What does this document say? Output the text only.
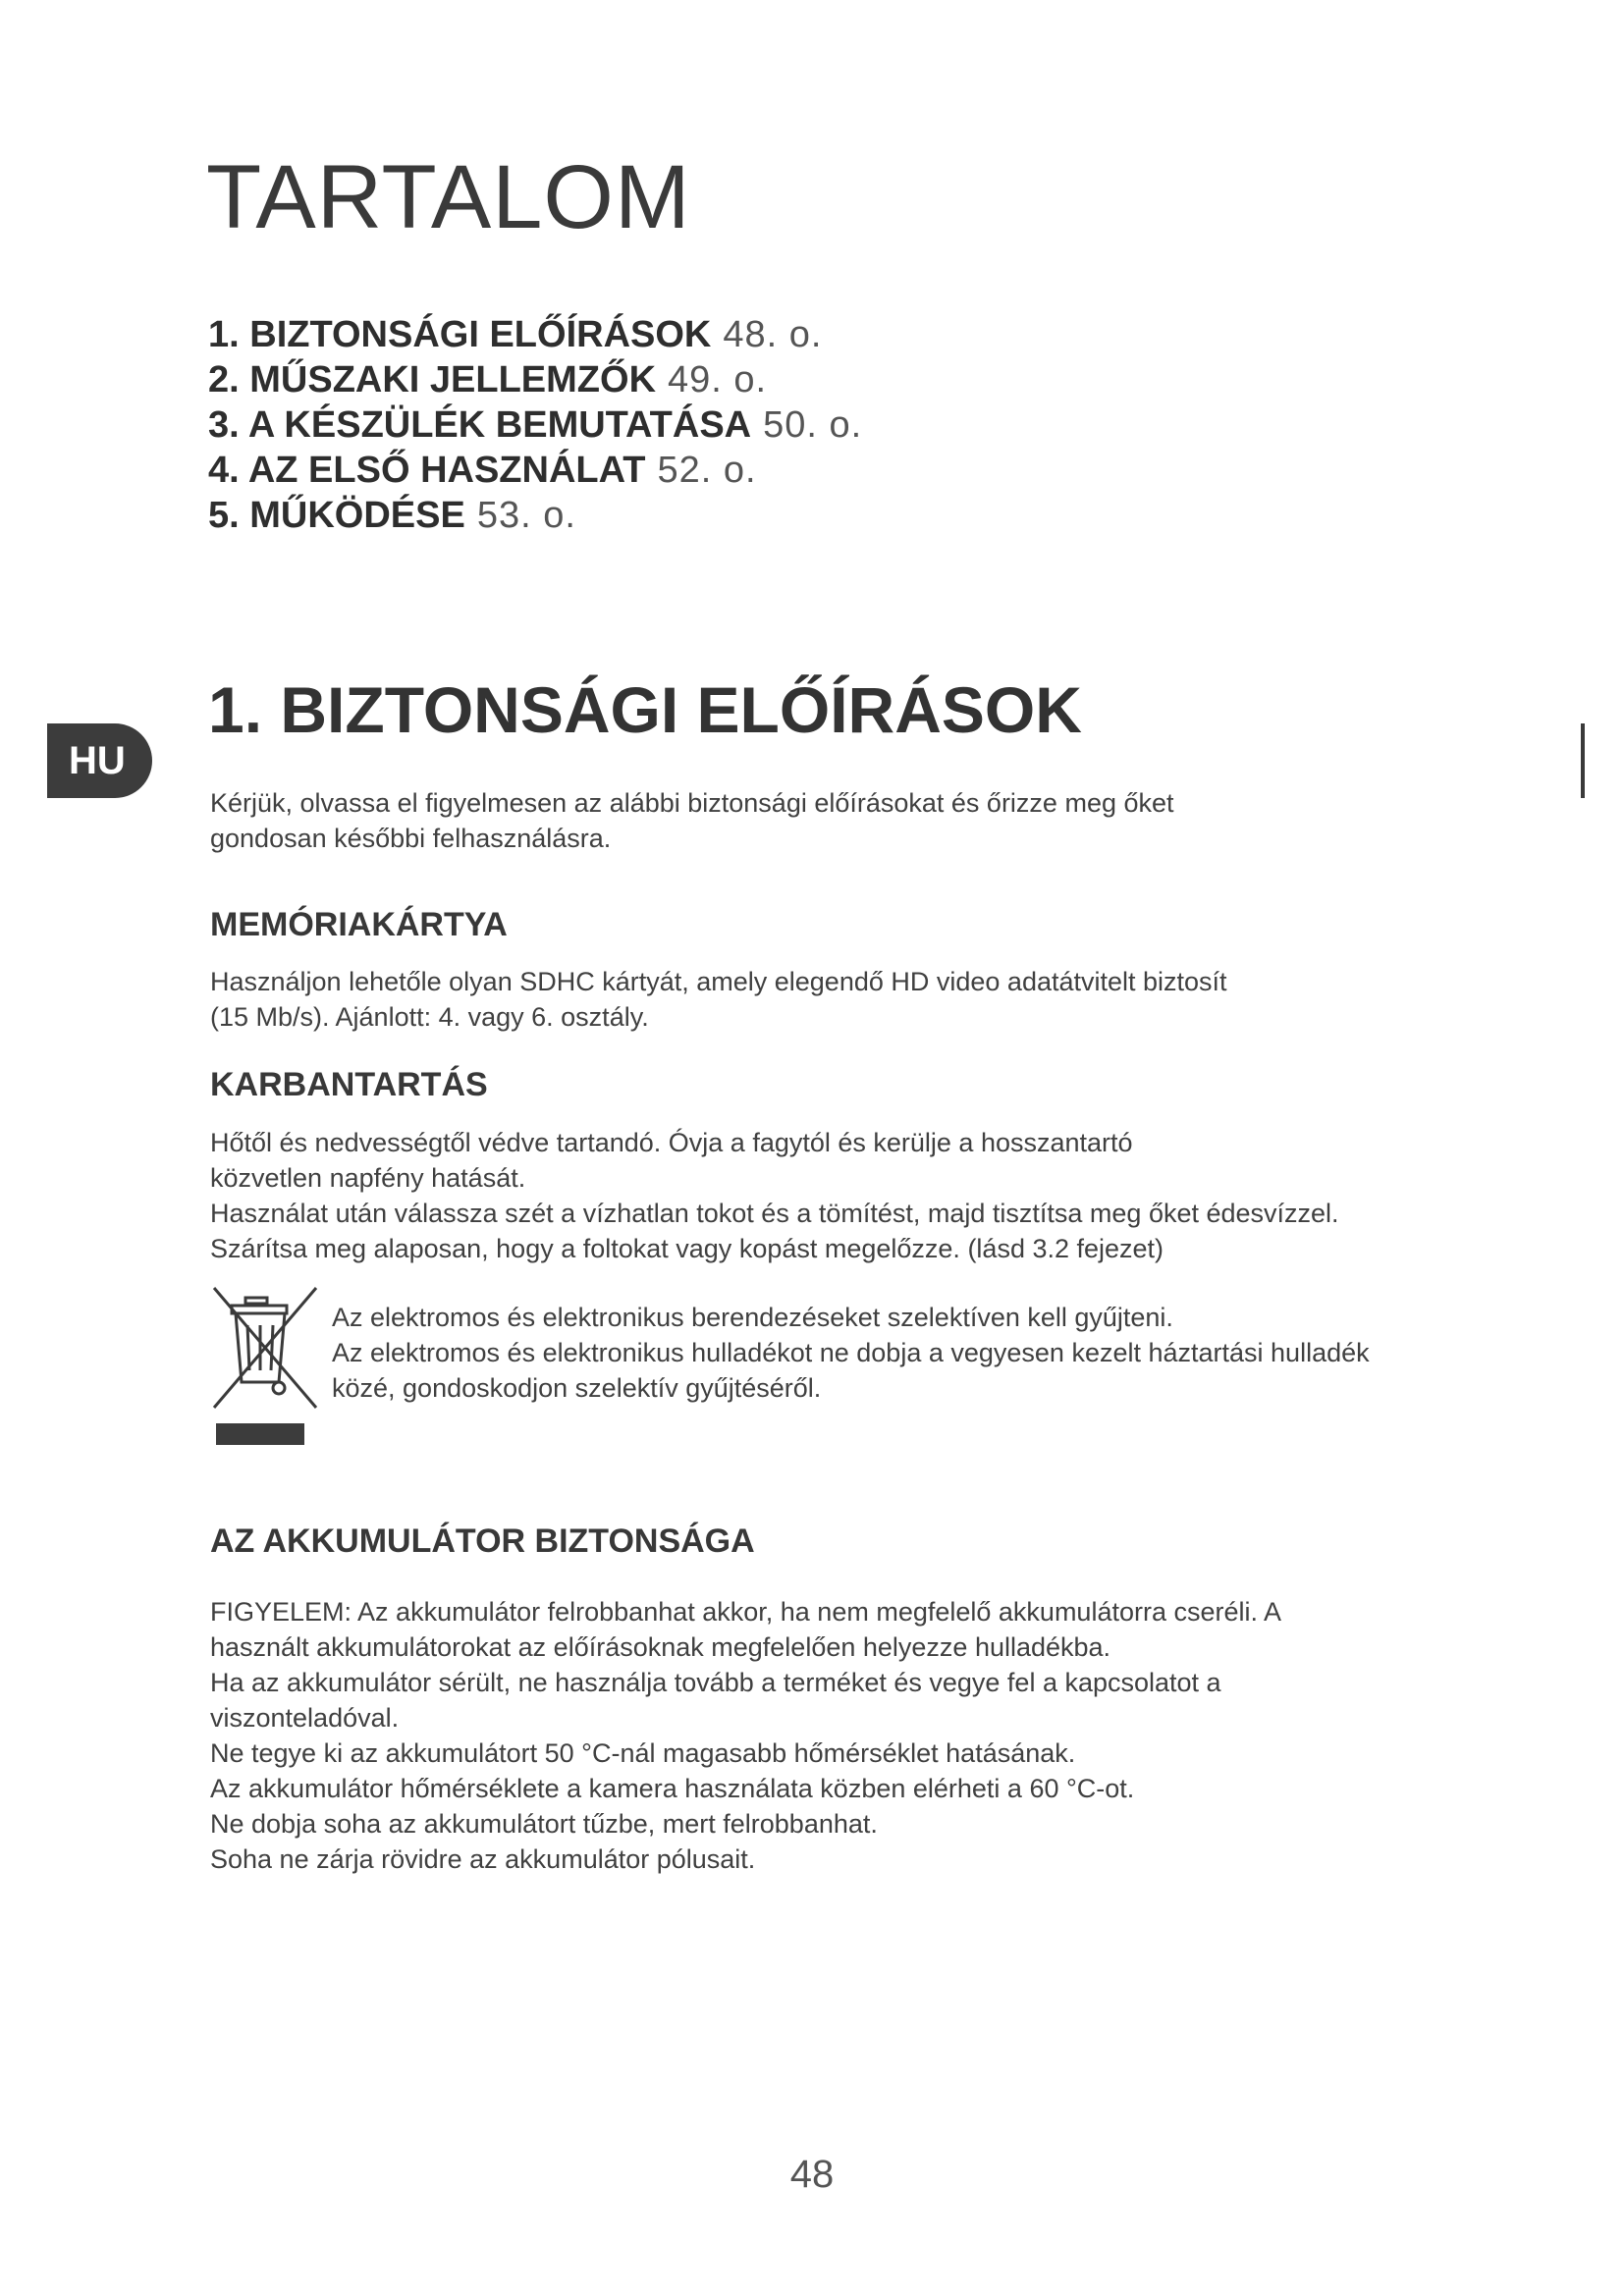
TARTALOM
1. BIZTONSÁGI ELŐÍRÁSOK 48. o.
2. MŰSZAKI JELLEMZŐK 49. o.
3. A KÉSZÜLÉK BEMUTATÁSA 50. o.
4. AZ ELSŐ HASZNÁLAT 52. o.
5. MŰKÖDÉSE 53. o.
HU
1. BIZTONSÁGI ELŐÍRÁSOK
Kérjük, olvassa el figyelmesen az alábbi biztonsági előírásokat és őrizze meg őket
gondosan későbbi felhasználásra.
MEMÓRIAKÁRTYA
Használjon lehetőle olyan SDHC kártyát, amely elegendő HD video adatátvitelt biztosít
(15 Mb/s). Ajánlott: 4. vagy 6. osztály.
KARBANTARTÁS
Hőtől és nedvességtől védve tartandó. Óvja a fagytól és kerülje a hosszantartó
közvetlen napfény hatását.
Használat után válassza szét a vízhatlan tokot és a tömítést, majd tisztítsa meg őket édesvízzel.
Szárítsa meg alaposan, hogy a foltokat vagy kopást megelőzze. (lásd 3.2 fejezet)
Az elektromos és elektronikus berendezéseket szelektíven kell gyűjteni.
Az elektromos és elektronikus hulladékot ne dobja a vegyesen kezelt háztartási hulladék
közé, gondoskodjon szelektív gyűjtéséről.
AZ AKKUMULÁTOR BIZTONSÁGA
FIGYELEM: Az akkumulátor felrobbanhat akkor, ha nem megfelelő akkumulátorra cseréli. A
használt akkumulátorokat az előírásoknak megfelelően helyezze hulladékba.
Ha az akkumulátor sérült, ne használja tovább a terméket és vegye fel a kapcsolatot a
viszonteladóval.
Ne tegye ki az akkumulátort 50 °C-nál magasabb hőmérséklet hatásának.
Az akkumulátor hőmérséklete a kamera használata közben elérheti a 60 °C-ot.
Ne dobja soha az akkumulátort tűzbe, mert felrobbanhat.
Soha ne zárja rövidre az akkumulátor pólusait.
48
